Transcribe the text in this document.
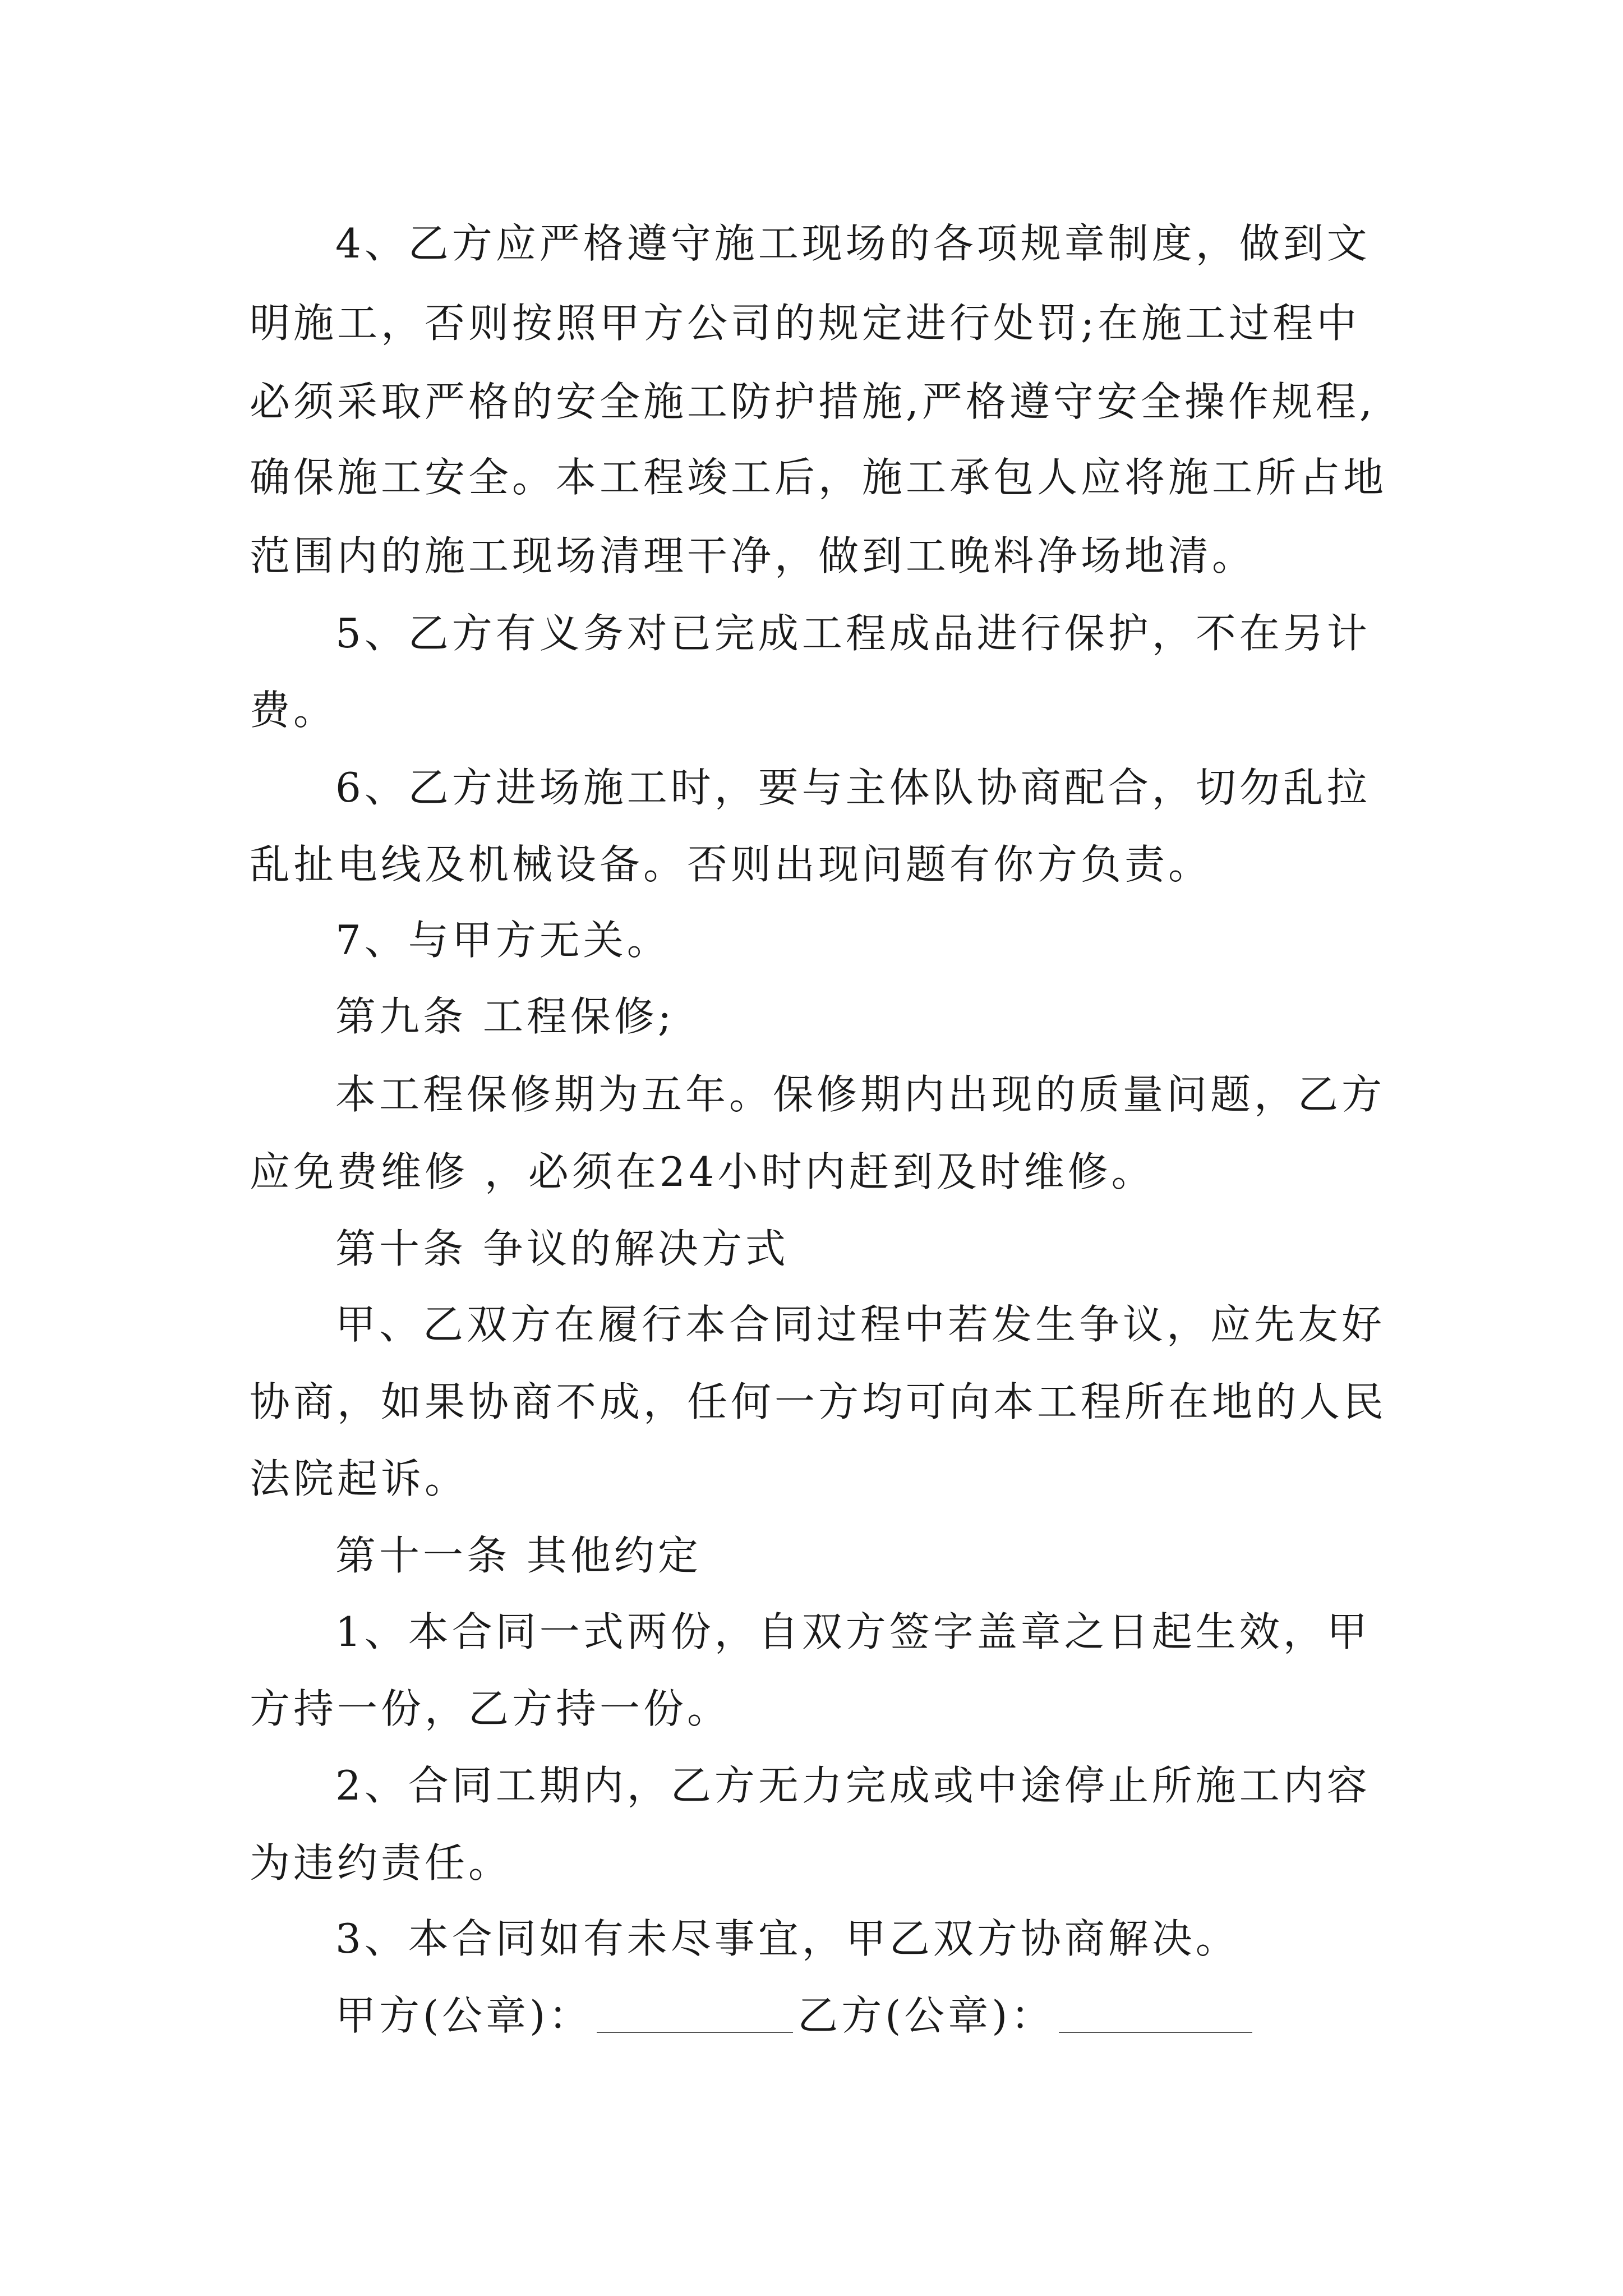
4、乙方应严格遵守施工现场的各项规章制度，做到文
明施工，否则按照甲方公司的规定进行处罚;在施工过程中
必须采取严格的安全施工防护措施,严格遵守安全操作规程,
确保施工安全。本工程竣工后，施工承包人应将施工所占地
范围内的施工现场清理干净，做到工晚料净场地清。
5、乙方有义务对已完成工程成品进行保护，不在另计
费。
6、乙方进场施工时，要与主体队协商配合，切勿乱拉
乱扯电线及机械设备。否则出现问题有你方负责。
7、与甲方无关。
第九条 工程保修;
本工程保修期为五年。保修期内出现的质量问题，乙方
应免费维修 ，必须在24小时内赶到及时维修。
第十条 争议的解决方式
甲、乙双方在履行本合同过程中若发生争议，应先友好
协商，如果协商不成，任何一方均可向本工程所在地的人民
法院起诉。
第十一条 其他约定
1、本合同一式两份，自双方签字盖章之日起生效，甲
方持一份，乙方持一份。
2、合同工期内，乙方无力完成或中途停止所施工内容
为违约责任。
3、本合同如有未尽事宜，甲乙双方协商解决。
甲方(公章)：	乙方(公章)：
